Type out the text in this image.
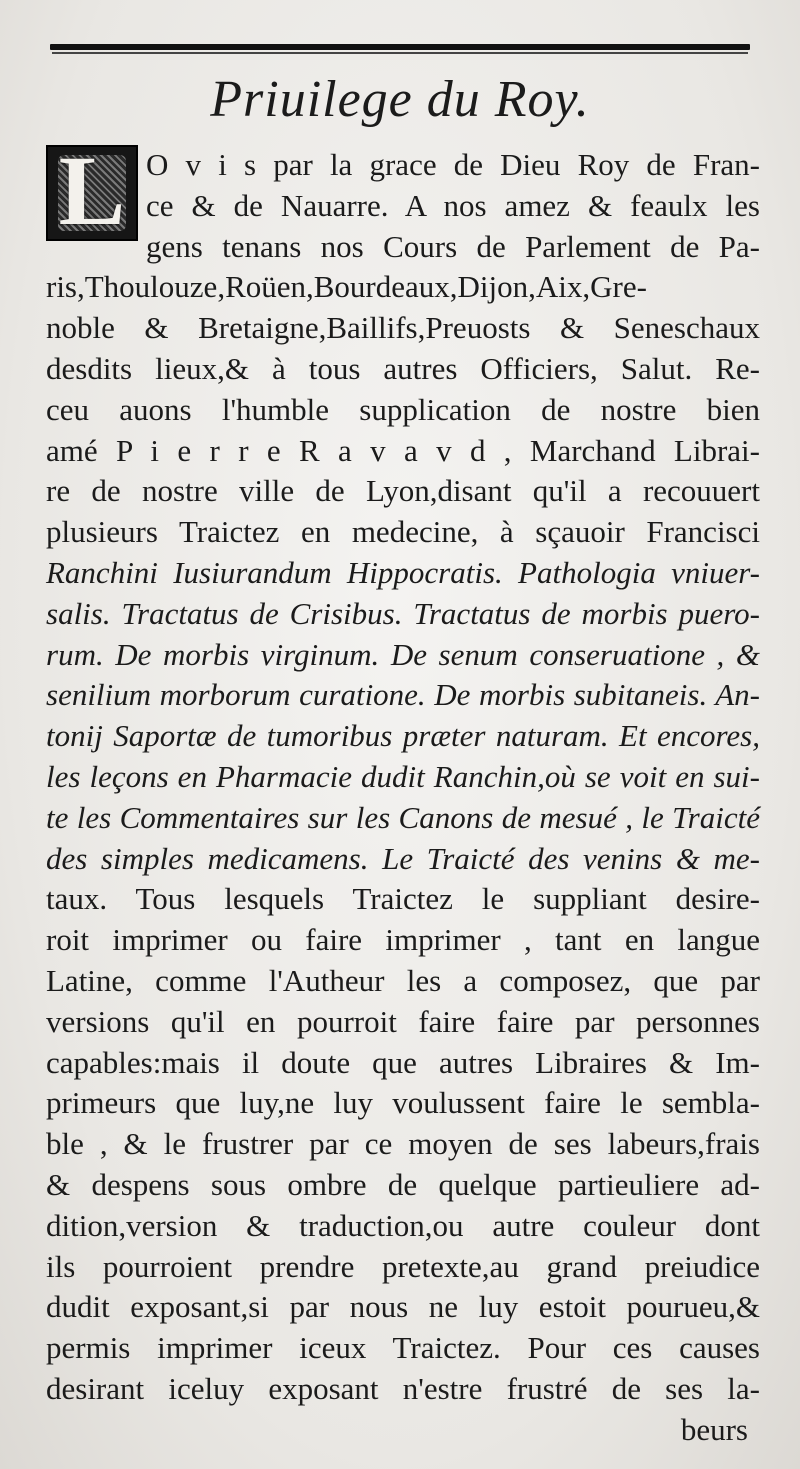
Priuilege du Roy.
L O v i s par la grace de Dieu Roy de Fran-
ce & de Nauarre. A nos amez & feaulx les
gens tenans nos Cours de Parlement de Pa-
ris,Thoulouze,Roüen,Bourdeaux,Dijon,Aix,Gre-
noble & Bretaigne,Baillifs,Preuosts & Seneschaux
desdits lieux,& à tous autres Officiers, Salut. Re-
ceu auons l'humble supplication de nostre bien
amé P i e r r e R a v a v d , Marchand Librai-
re de nostre ville de Lyon,disant qu'il a recouuert
plusieurs Traictez en medecine, à sçauoir Francisci
Ranchini Iusiurandum Hippocratis. Pathologia vniuer-
salis. Tractatus de Crisibus. Tractatus de morbis puero-
rum. De morbis virginum. De senum conseruatione , &
senilium morborum curatione. De morbis subitaneis. An-
tonij Saportæ de tumoribus præter naturam. Et encores,
les leçons en Pharmacie dudit Ranchin,où se voit en sui-
te les Commentaires sur les Canons de mesué , le Traicté
des simples medicamens. Le Traicté des venins & me-
taux. Tous lesquels Traictez le suppliant desire-
roit imprimer ou faire imprimer , tant en langue
Latine, comme l'Autheur les a composez, que par
versions qu'il en pourroit faire faire par personnes
capables:mais il doute que autres Libraires & Im-
primeurs que luy,ne luy voulussent faire le sembla-
ble , & le frustrer par ce moyen de ses labeurs,frais
& despens sous ombre de quelque partieuliere ad-
dition,version & traduction,ou autre couleur dont
ils pourroient prendre pretexte,au grand preiudice
dudit exposant,si par nous ne luy estoit pourueu,&
permis imprimer iceux Traictez. Pour ces causes
desirant iceluy exposant n'estre frustré de ses la-
beurs
